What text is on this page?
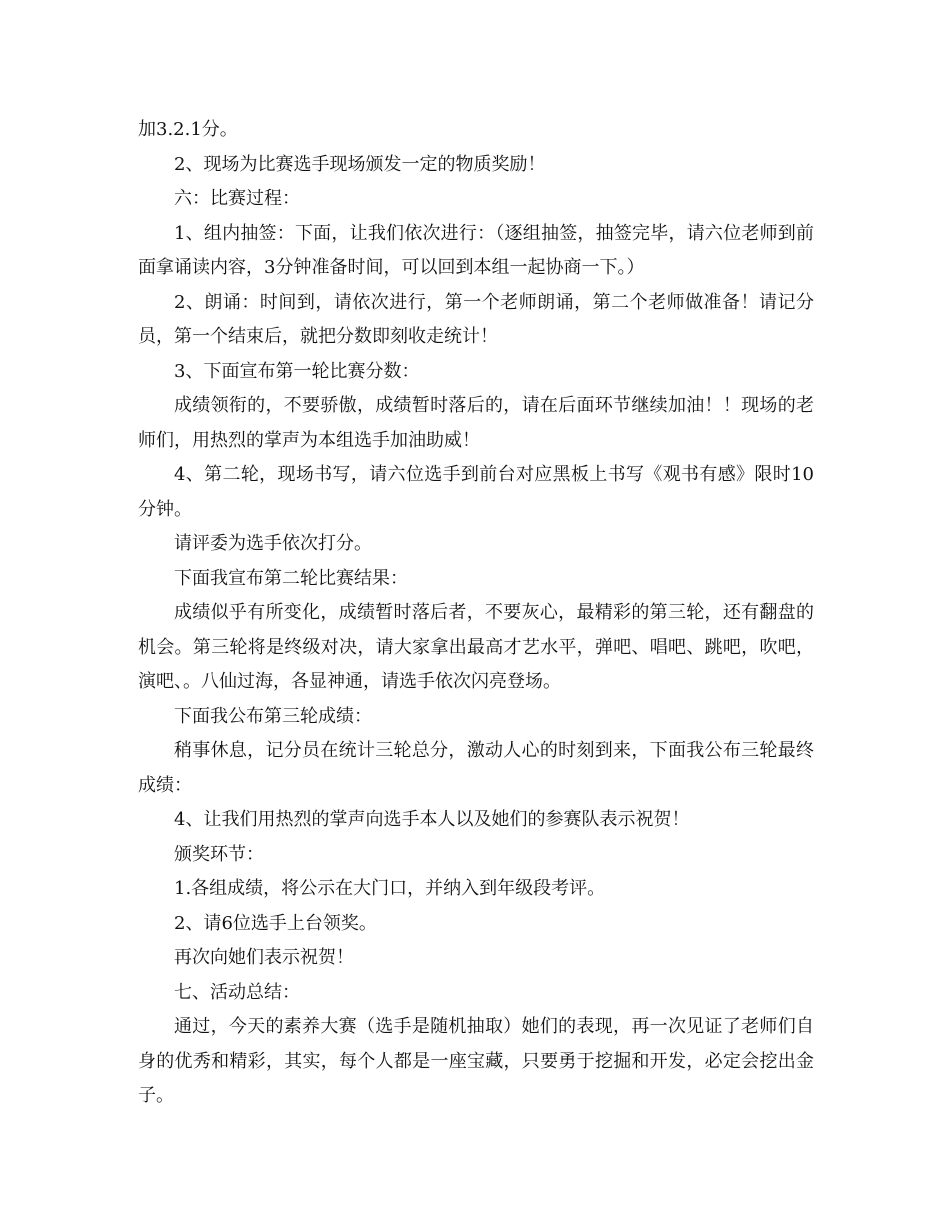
加3.2.1分。

2、现场为比赛选手现场颁发一定的物质奖励！

六：比赛过程：

1、组内抽签：下面，让我们依次进行：（逐组抽签，抽签完毕，请六位老师到前面拿诵读内容，3分钟准备时间，可以回到本组一起协商一下。）

2、朗诵：时间到，请依次进行，第一个老师朗诵，第二个老师做准备！请记分员，第一个结束后，就把分数即刻收走统计！

3、下面宣布第一轮比赛分数：

成绩领衔的，不要骄傲，成绩暂时落后的，请在后面环节继续加油！！现场的老师们，用热烈的掌声为本组选手加油助威！

4、第二轮，现场书写，请六位选手到前台对应黑板上书写《观书有感》限时10分钟。

请评委为选手依次打分。

下面我宣布第二轮比赛结果：

成绩似乎有所变化，成绩暂时落后者，不要灰心，最精彩的第三轮，还有翻盘的机会。第三轮将是终级对决，请大家拿出最高才艺水平，弹吧、唱吧、跳吧，吹吧，演吧、。八仙过海，各显神通，请选手依次闪亮登场。

下面我公布第三轮成绩：

稍事休息，记分员在统计三轮总分，激动人心的时刻到来，下面我公布三轮最终成绩：

4、让我们用热烈的掌声向选手本人以及她们的参赛队表示祝贺！

颁奖环节：

1.各组成绩，将公示在大门口，并纳入到年级段考评。

2、请6位选手上台领奖。

再次向她们表示祝贺！

七、活动总结：

通过，今天的素养大赛（选手是随机抽取）她们的表现，再一次见证了老师们自身的优秀和精彩，其实，每个人都是一座宝藏，只要勇于挖掘和开发，必定会挖出金子。
